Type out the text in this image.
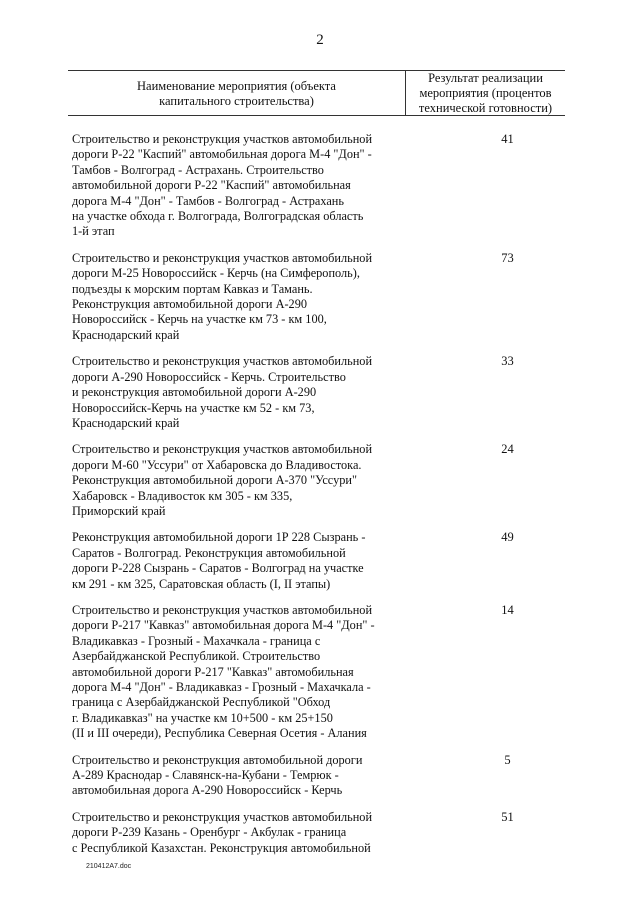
2
Наименование мероприятия (объекта
капитального строительства)
Результат реализации
мероприятия (процентов
технической готовности)
Строительство и реконструкция участков автомобильной
дороги Р-22 "Каспий" автомобильная дорога М-4 "Дон" -
Тамбов - Волгоград - Астрахань. Строительство
автомобильной дороги Р-22 "Каспий" автомобильная
дорога М-4 "Дон" - Тамбов - Волгоград - Астрахань
на участке обхода г. Волгограда, Волгоградская область
1-й этап
41
Строительство и реконструкция участков автомобильной
дороги М-25 Новороссийск - Керчь (на Симферополь),
подъезды к морским портам Кавказ и Тамань.
Реконструкция автомобильной дороги А-290
Новороссийск - Керчь на участке км 73 - км 100,
Краснодарский край
73
Строительство и реконструкция участков автомобильной
дороги А-290 Новороссийск - Керчь. Строительство
и реконструкция автомобильной дороги А-290
Новороссийск-Керчь на участке км 52 - км 73,
Краснодарский край
33
Строительство и реконструкция участков автомобильной
дороги М-60 "Уссури" от Хабаровска до Владивостока.
Реконструкция автомобильной дороги А-370 "Уссури"
Хабаровск - Владивосток км 305 - км 335,
Приморский край
24
Реконструкция автомобильной дороги 1Р 228 Сызрань -
Саратов - Волгоград. Реконструкция автомобильной
дороги Р-228 Сызрань - Саратов - Волгоград на участке
км 291 - км 325, Саратовская область (I, II этапы)
49
Строительство и реконструкция участков автомобильной
дороги Р-217 "Кавказ" автомобильная дорога М-4 "Дон" -
Владикавказ - Грозный - Махачкала - граница с
Азербайджанской Республикой. Строительство
автомобильной дороги Р-217 "Кавказ" автомобильная
дорога М-4 "Дон" - Владикавказ - Грозный - Махачкала -
граница с Азербайджанской Республикой "Обход
г. Владикавказ" на участке км 10+500 - км 25+150
(II и III очереди), Республика Северная Осетия - Алания
14
Строительство и реконструкция автомобильной дороги
А-289 Краснодар - Славянск-на-Кубани - Темрюк -
автомобильная дорога А-290 Новороссийск - Керчь
5
Строительство и реконструкция участков автомобильной
дороги Р-239 Казань - Оренбург - Акбулак - граница
с Республикой Казахстан. Реконструкция автомобильной
51
210412A7.doc
